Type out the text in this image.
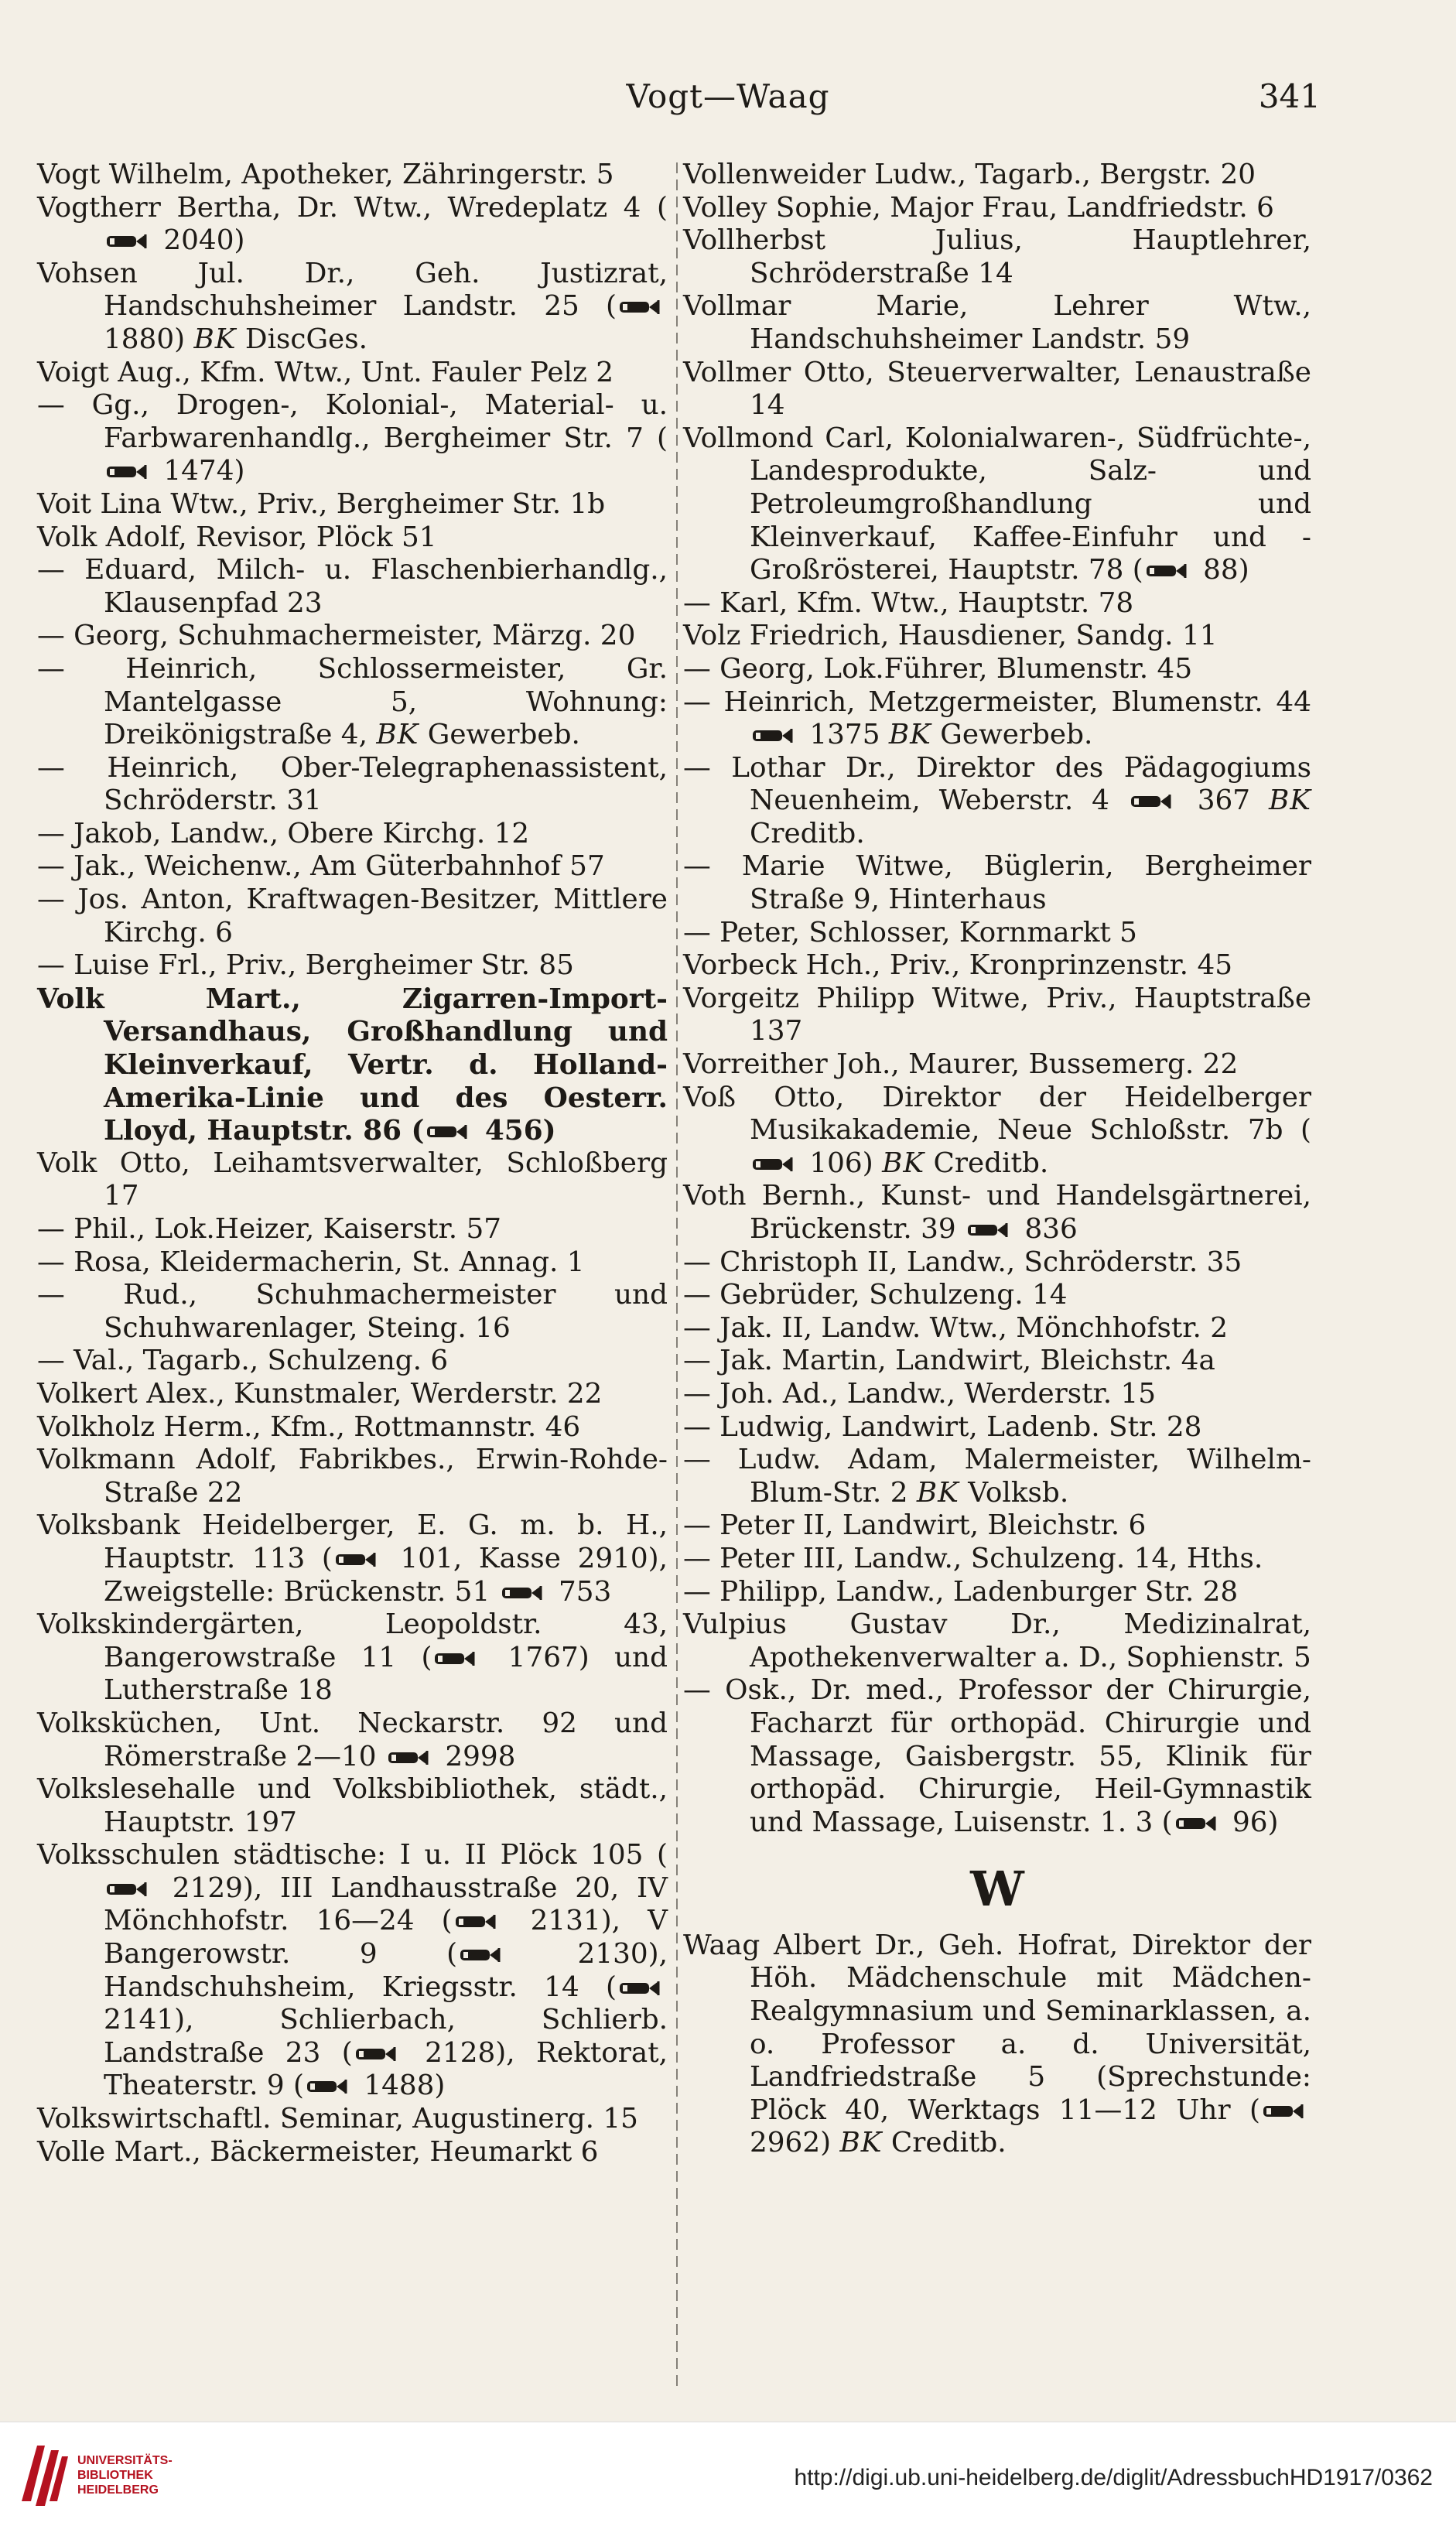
Vogt—Waag	341

Vogt Wilhelm, Apotheker, Zähringerstr. 5

Vogtherr Bertha, Dr. Wtw., Wredeplatz 4 ( 2040)

Vohsen Jul. Dr., Geh. Justizrat, Handschuhsheimer Landstr. 25 ( 1880) BK DiscGes.

Voigt Aug., Kfm. Wtw., Unt. Fauler Pelz 2

— Gg., Drogen-, Kolonial-, Material- u. Farbwarenhandlg., Bergheimer Str. 7 ( 1474)

Voit Lina Wtw., Priv., Bergheimer Str. 1b

Volk Adolf, Revisor, Plöck 51

— Eduard, Milch- u. Flaschenbierhandlg., Klausenpfad 23

— Georg, Schuhmachermeister, Märzg. 20

— Heinrich, Schlossermeister, Gr. Mantelgasse 5, Wohnung: Dreikönigstraße 4, BK Gewerbeb.

— Heinrich, Ober-Telegraphenassistent, Schröderstr. 31

— Jakob, Landw., Obere Kirchg. 12

— Jak., Weichenw., Am Güterbahnhof 57

— Jos. Anton, Kraftwagen-Besitzer, Mittlere Kirchg. 6

— Luise Frl., Priv., Bergheimer Str. 85

Volk Mart., Zigarren-Import-Versandhaus, Großhandlung und Kleinverkauf, Vertr. d. Holland-Amerika-Linie und des Oesterr. Lloyd, Hauptstr. 86 ( 456)

Volk Otto, Leihamtsverwalter, Schloßberg 17

— Phil., Lok.Heizer, Kaiserstr. 57

— Rosa, Kleidermacherin, St. Annag. 1

— Rud., Schuhmachermeister und Schuhwarenlager, Steing. 16

— Val., Tagarb., Schulzeng. 6

Volkert Alex., Kunstmaler, Werderstr. 22

Volkholz Herm., Kfm., Rottmannstr. 46

Volkmann Adolf, Fabrikbes., Erwin-Rohde-Straße 22

Volksbank Heidelberger, E. G. m. b. H., Hauptstr. 113 ( 101, Kasse 2910), Zweigstelle: Brückenstr. 51  753

Volkskindergärten, Leopoldstr. 43, Bangerowstraße 11 ( 1767) und Lutherstraße 18

Volksküchen, Unt. Neckarstr. 92 und Römerstraße 2—10  2998

Volkslesehalle und Volksbibliothek, städt., Hauptstr. 197

Volksschulen städtische: I u. II Plöck 105 ( 2129), III Landhausstraße 20, IV Mönchhofstr. 16—24 ( 2131), V Bangerowstr. 9 ( 2130), Handschuhsheim, Kriegsstr. 14 ( 2141), Schlierbach, Schlierb. Landstraße 23 ( 2128), Rektorat, Theaterstr. 9 ( 1488)

Volkswirtschaftl. Seminar, Augustinerg. 15

Volle Mart., Bäckermeister, Heumarkt 6

Vollenweider Ludw., Tagarb., Bergstr. 20

Volley Sophie, Major Frau, Landfriedstr. 6

Vollherbst Julius, Hauptlehrer, Schröderstraße 14

Vollmar Marie, Lehrer Wtw., Handschuhsheimer Landstr. 59

Vollmer Otto, Steuerverwalter, Lenaustraße 14

Vollmond Carl, Kolonialwaren-, Südfrüchte-, Landesprodukte, Salz- und Petroleumgroßhandlung und Kleinverkauf, Kaffee-Einfuhr und -Großrösterei, Hauptstr. 78 ( 88)

— Karl, Kfm. Wtw., Hauptstr. 78

Volz Friedrich, Hausdiener, Sandg. 11

— Georg, Lok.Führer, Blumenstr. 45

— Heinrich, Metzgermeister, Blumenstr. 44  1375 BK Gewerbeb.

— Lothar Dr., Direktor des Pädagogiums Neuenheim, Weberstr. 4  367 BK Creditb.

— Marie Witwe, Büglerin, Bergheimer Straße 9, Hinterhaus

— Peter, Schlosser, Kornmarkt 5

Vorbeck Hch., Priv., Kronprinzenstr. 45

Vorgeitz Philipp Witwe, Priv., Hauptstraße 137

Vorreither Joh., Maurer, Bussemerg. 22

Voß Otto, Direktor der Heidelberger Musikakademie, Neue Schloßstr. 7b ( 106) BK Creditb.

Voth Bernh., Kunst- und Handelsgärtnerei, Brückenstr. 39  836

— Christoph II, Landw., Schröderstr. 35

— Gebrüder, Schulzeng. 14

— Jak. II, Landw. Wtw., Mönchhofstr. 2

— Jak. Martin, Landwirt, Bleichstr. 4a

— Joh. Ad., Landw., Werderstr. 15

— Ludwig, Landwirt, Ladenb. Str. 28

— Ludw. Adam, Malermeister, Wilhelm-Blum-Str. 2 BK Volksb.

— Peter II, Landwirt, Bleichstr. 6

— Peter III, Landw., Schulzeng. 14, Hths.

— Philipp, Landw., Ladenburger Str. 28

Vulpius Gustav Dr., Medizinalrat, Apothekenverwalter a. D., Sophienstr. 5

— Osk., Dr. med., Professor der Chirurgie, Facharzt für orthopäd. Chirurgie und Massage, Gaisbergstr. 55, Klinik für orthopäd. Chirurgie, Heil-Gymnastik und Massage, Luisenstr. 1. 3 ( 96)

W

Waag Albert Dr., Geh. Hofrat, Direktor der Höh. Mädchenschule mit Mädchen-Realgymnasium und Seminarklassen, a. o. Professor a. d. Universität, Landfriedstraße 5 (Sprechstunde: Plöck 40, Werktags 11—12 Uhr ( 2962) BK Creditb.

UNIVERSITÄTS-
BIBLIOTHEK
HEIDELBERG	http://digi.ub.uni-heidelberg.de/diglit/AdressbuchHD1917/0362
